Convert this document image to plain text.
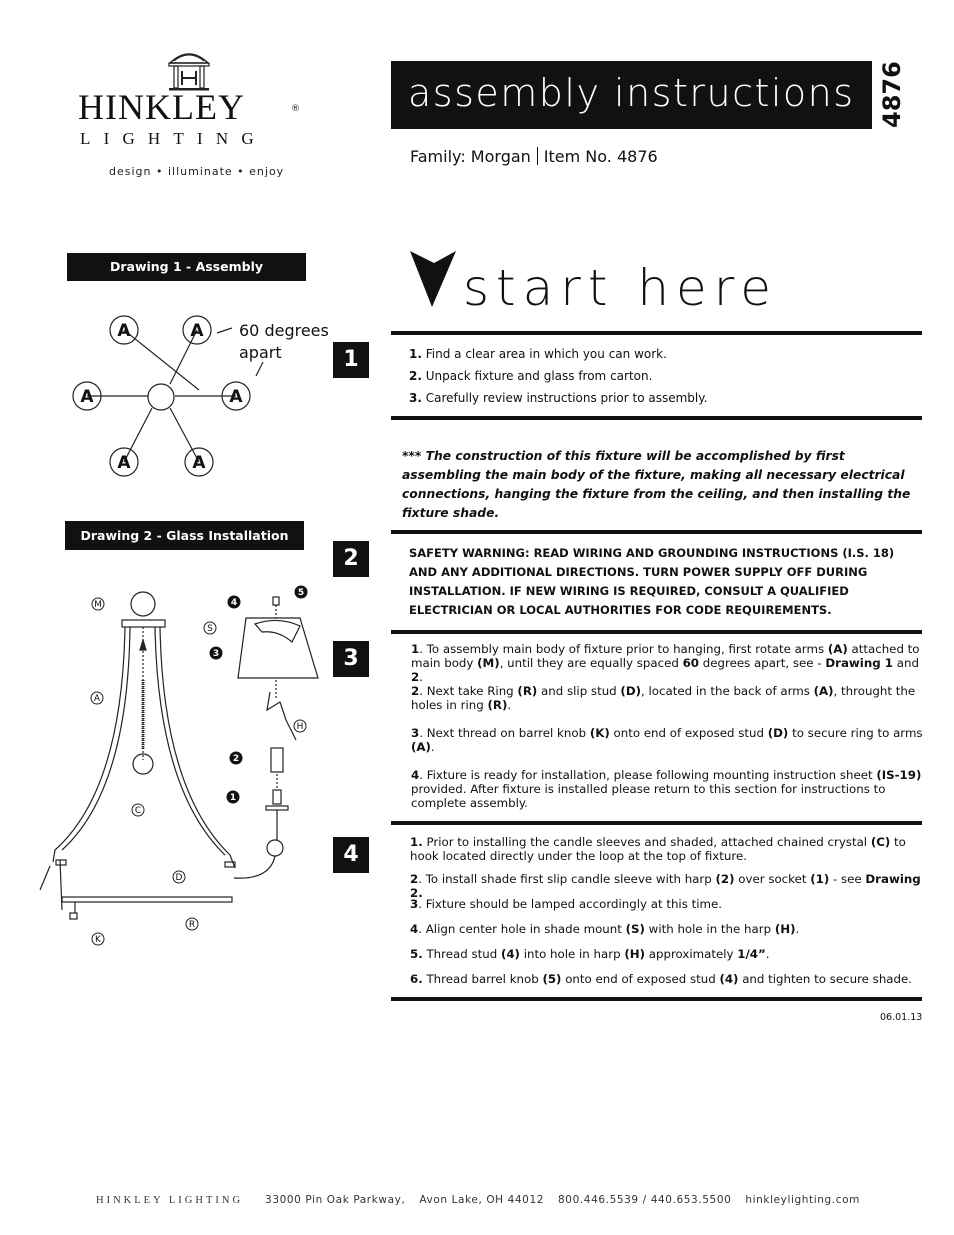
HINKLEY	®
LIGHTING
design • illuminate • enjoy
assembly instructions 4876
Family: Morgan Item No. 4876
Drawing 1 - Assembly
A	A
A	A
A	A
60 degrees apart
Drawing 2 - Glass Installation
M
A
C
D
K
R
S
H
1
2
3
4
5
start here
1	1. Find a clear area in which you can work.
2. Unpack fixture and glass from carton.
3. Carefully review instructions prior to assembly.
*** The construction of this fixture will be accomplished by first assembling the main body of the fixture, making all necessary electrical connections, hanging the fixture from the ceiling, and then installing the fixture shade.
2	SAFETY WARNING: READ WIRING AND GROUNDING INSTRUCTIONS (I.S. 18) AND ANY ADDITIONAL DIRECTIONS. TURN POWER SUPPLY OFF DURING INSTALLATION. IF NEW WIRING IS REQUIRED, CONSULT A QUALIFIED ELECTRICIAN OR LOCAL AUTHORITIES FOR CODE REQUIREMENTS.
3	1. To assembly main body of fixture prior to hanging, first rotate arms (A) attached to main body (M), until they are equally spaced 60 degrees apart, see - Drawing 1 and 2.
2. Next take Ring (R) and slip stud (D), located in the back of arms (A), throught the holes in ring (R).
3. Next thread on barrel knob (K) onto end of exposed stud (D) to secure ring to arms (A).
4. Fixture is ready for installation, please following mounting instruction sheet (IS-19) provided. After fixture is installed please return to this section for instructions to complete assembly.
4	1. Prior to installing the candle sleeves and shaded, attached chained crystal (C) to hook located directly under the loop at the top of fixture.
2. To install shade first slip candle sleeve with harp (2) over socket (1) - see Drawing 2.
3. Fixture should be lamped accordingly at this time.
4. Align center hole in shade mount (S) with hole in the harp (H).
5. Thread stud (4) into hole in harp (H) approximately 1/4”.
6. Thread barrel knob (5) onto end of exposed stud (4) and tighten to secure shade.
06.01.13
HINKLEY LIGHTING 33000 Pin Oak Parkway, Avon Lake, OH 44012 800.446.5539 / 440.653.5500 hinkleylighting.com
